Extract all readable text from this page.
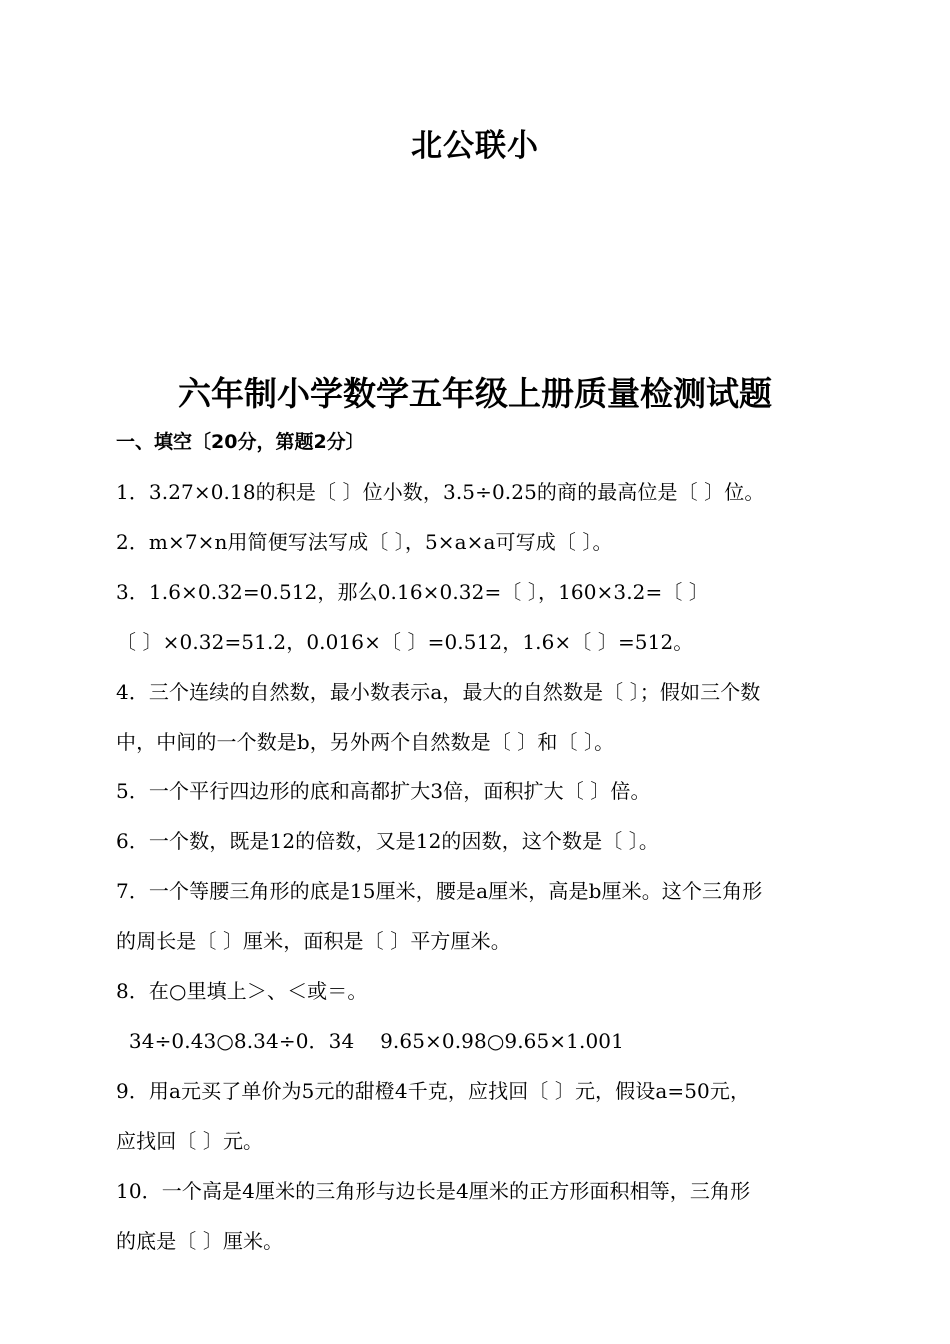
北公联小
六年制小学数学五年级上册质量检测试题
一、填空〔20分，第题2分〕
1．3.27×0.18的积是〔 〕位小数，3.5÷0.25的商的最高位是〔 〕位。
2．m×7×n用简便写法写成〔 〕，5×a×a可写成〔 〕。
3．1.6×0.32=0.512，那么0.16×0.32=〔 〕，160×3.2=〔 〕
〔 〕×0.32=51.2，0.016×〔 〕=0.512，1.6×〔 〕=512。
4．三个连续的自然数，最小数表示a，最大的自然数是〔 〕；假如三个数
中，中间的一个数是b，另外两个自然数是〔 〕和〔 〕。
5．一个平行四边形的底和高都扩大3倍，面积扩大〔 〕倍。
6．一个数，既是12的倍数，又是12的因数，这个数是〔 〕。
7．一个等腰三角形的底是15厘米，腰是a厘米，高是b厘米。这个三角形
的周长是〔 〕厘米，面积是〔 〕平方厘米。
8．在○里填上＞、＜或＝。
34÷0.43○8.34÷0．34    9.65×0.98○9.65×1.001
9．用a元买了单价为5元的甜橙4千克，应找回〔 〕元，假设a=50元，
应找回〔 〕元。
10．一个高是4厘米的三角形与边长是4厘米的正方形面积相等，三角形
的底是〔 〕厘米。
